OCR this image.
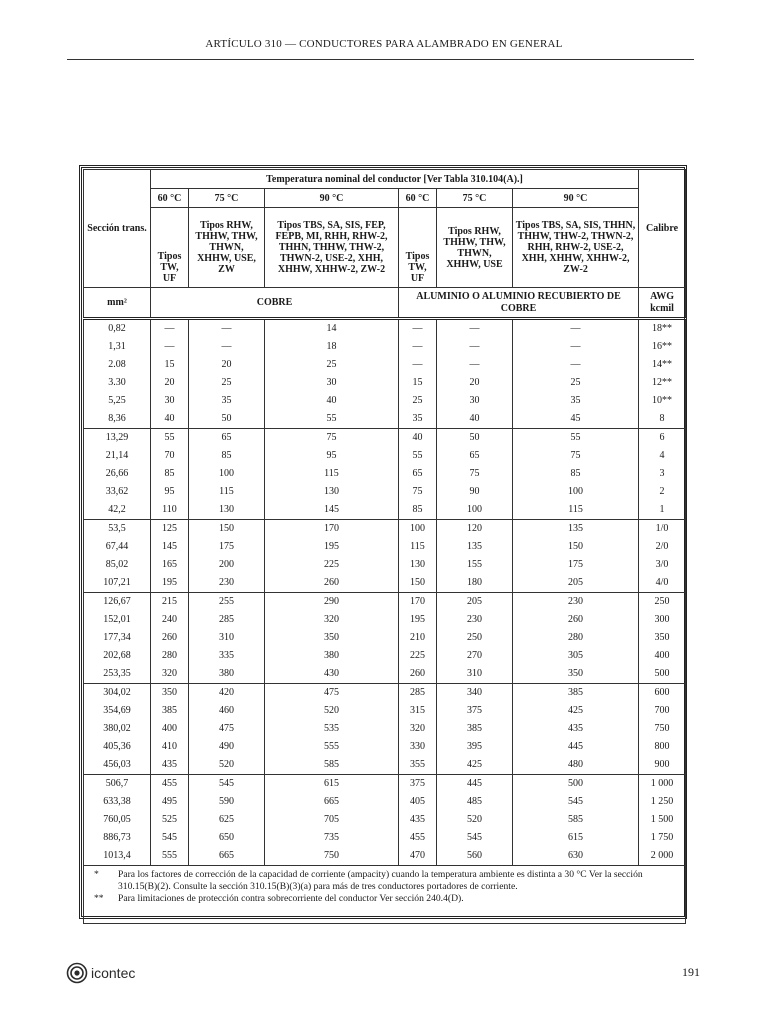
ARTÍCULO 310 — CONDUCTORES PARA ALAMBRADO EN GENERAL
Sección trans.	Temperatura nominal del conductor [Ver Tabla 310.104(A).]						Calibre
	60 °C	75 °C	90 °C	60 °C	75 °C	90 °C	
	Tipos TW, UF	Tipos RHW, THHW, THW, THWN, XHHW, USE, ZW	Tipos TBS, SA, SIS, FEP, FEPB, MI, RHH, RHW-2, THHN, THHW, THW-2, THWN-2, USE-2, XHH, XHHW, XHHW-2, ZW-2	Tipos TW, UF	Tipos RHW, THHW, THW, THWN, XHHW, USE	Tipos TBS, SA, SIS, THHN, THHW, THW-2, THWN-2, RHH, RHW-2, USE-2, XHH, XHHW, XHHW-2, ZW-2	
mm²	COBRE			ALUMINIO O ALUMINIO RECUBIERTO DE COBRE			AWG kcmil
0,82	—	—	14	—	—	—	18**
1,31	—	—	18	—	—	—	16**
2.08	15	20	25	—	—	—	14**
3.30	20	25	30	15	20	25	12**
5,25	30	35	40	25	30	35	10**
8,36	40	50	55	35	40	45	8
13,29	55	65	75	40	50	55	6
21,14	70	85	95	55	65	75	4
26,66	85	100	115	65	75	85	3
33,62	95	115	130	75	90	100	2
42,2	110	130	145	85	100	115	1
53,5	125	150	170	100	120	135	1/0
67,44	145	175	195	115	135	150	2/0
85,02	165	200	225	130	155	175	3/0
107,21	195	230	260	150	180	205	4/0
126,67	215	255	290	170	205	230	250
152,01	240	285	320	195	230	260	300
177,34	260	310	350	210	250	280	350
202,68	280	335	380	225	270	305	400
253,35	320	380	430	260	310	350	500
304,02	350	420	475	285	340	385	600
354,69	385	460	520	315	375	425	700
380,02	400	475	535	320	385	435	750
405,36	410	490	555	330	395	445	800
456,03	435	520	585	355	425	480	900
506,7	455	545	615	375	445	500	1 000
633,38	495	590	665	405	485	545	1 250
760,05	525	625	705	435	520	585	1 500
886,73	545	650	735	455	545	615	1 750
1013,4	555	665	750	470	560	630	2 000

* Para los factores de corrección de la capacidad de corriente (ampacity) cuando la temperatura ambiente es distinta a 30 °C Ver la sección 310.15(B)(2). Consulte la sección 310.15(B)(3)(a) para más de tres conductores portadores de corriente.
** Para limitaciones de protección contra sobrecorriente del conductor Ver sección 240.4(D).							
icontec	191
